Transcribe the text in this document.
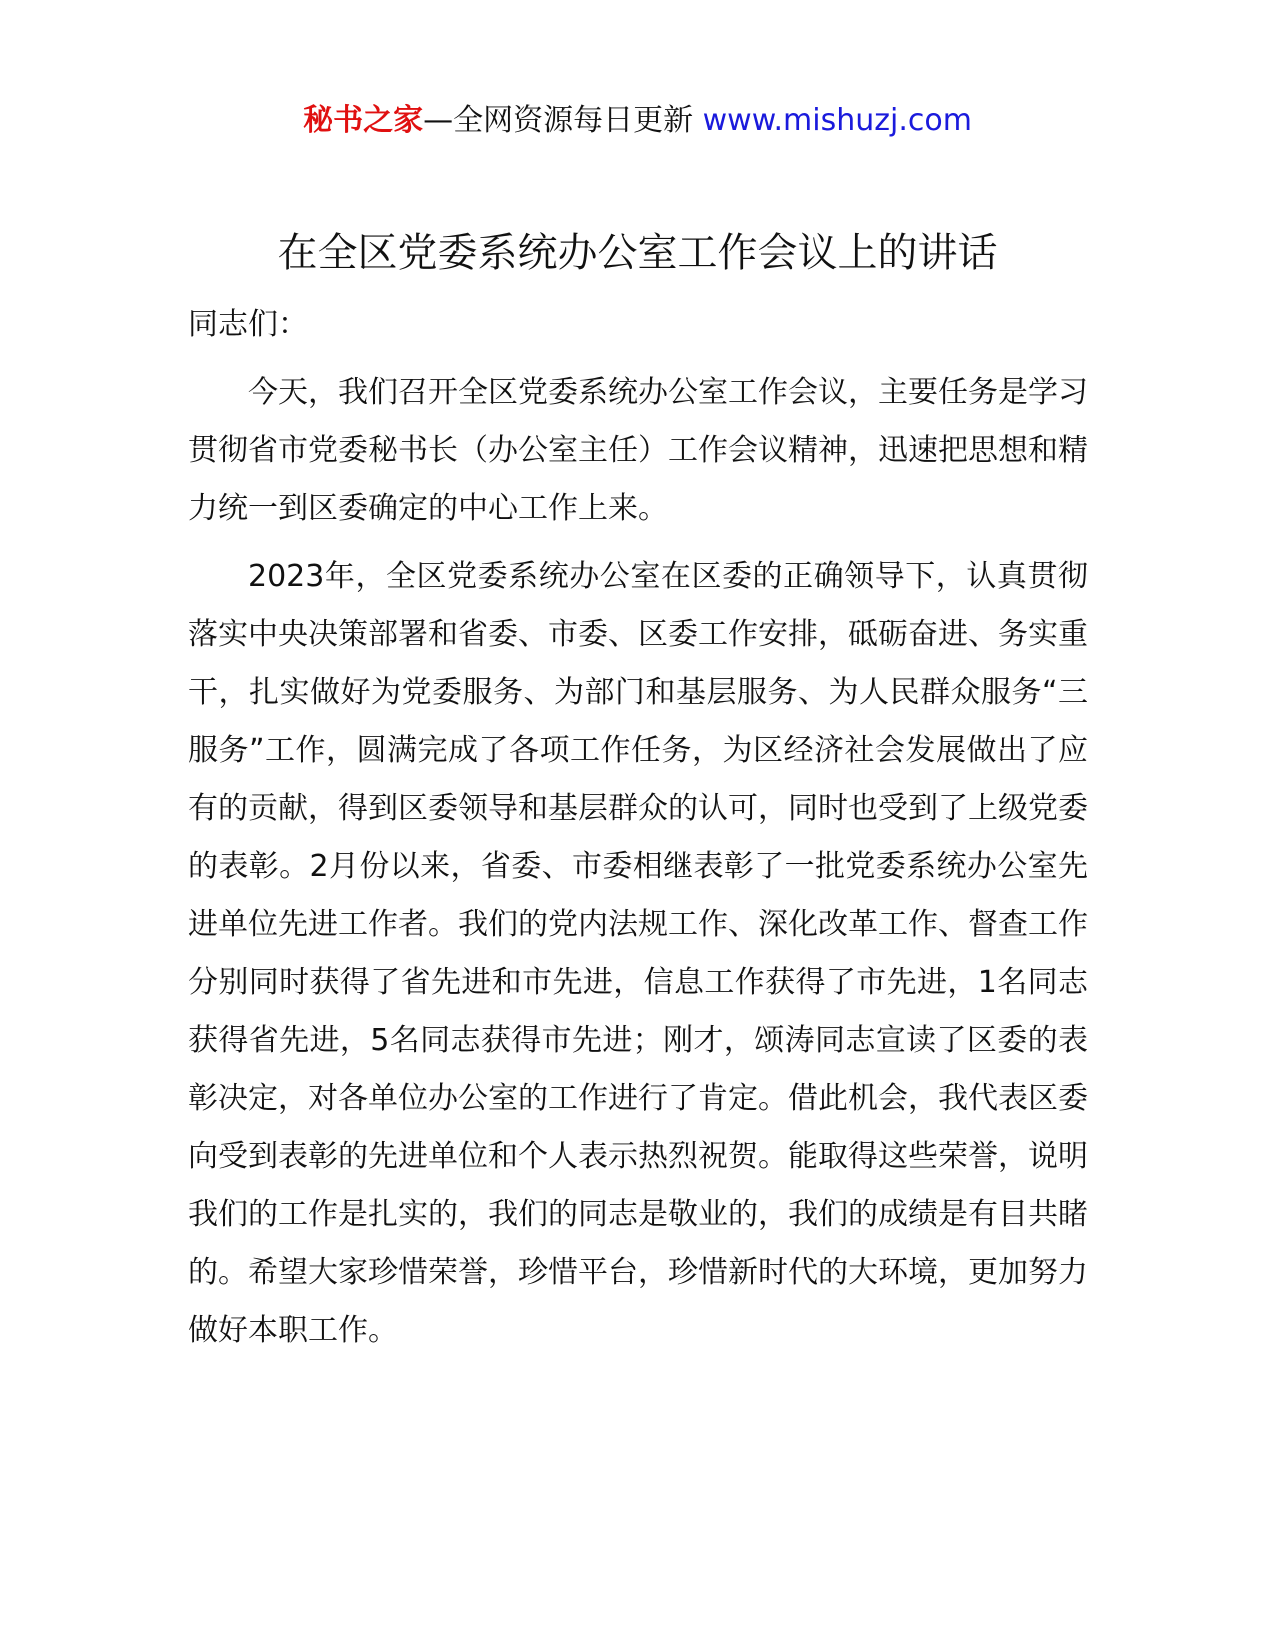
秘书之家—全网资源每日更新 www.mishuzj.com
在全区党委系统办公室工作会议上的讲话

同志们：

今天，我们召开全区党委系统办公室工作会议，主要任务是学习贯彻省市党委秘书长（办公室主任）工作会议精神，迅速把思想和精力统一到区委确定的中心工作上来。

2023年，全区党委系统办公室在区委的正确领导下，认真贯彻落实中央决策部署和省委、市委、区委工作安排，砥砺奋进、务实重干，扎实做好为党委服务、为部门和基层服务、为人民群众服务“三服务”工作，圆满完成了各项工作任务，为区经济社会发展做出了应有的贡献，得到区委领导和基层群众的认可，同时也受到了上级党委的表彰。2月份以来，省委、市委相继表彰了一批党委系统办公室先进单位先进工作者。我们的党内法规工作、深化改革工作、督查工作分别同时获得了省先进和市先进，信息工作获得了市先进，1名同志获得省先进，5名同志获得市先进；刚才，颂涛同志宣读了区委的表彰决定，对各单位办公室的工作进行了肯定。借此机会，我代表区委向受到表彰的先进单位和个人表示热烈祝贺。能取得这些荣誉，说明我们的工作是扎实的，我们的同志是敬业的，我们的成绩是有目共睹的。希望大家珍惜荣誉，珍惜平台，珍惜新时代的大环境，更加努力做好本职工作。
